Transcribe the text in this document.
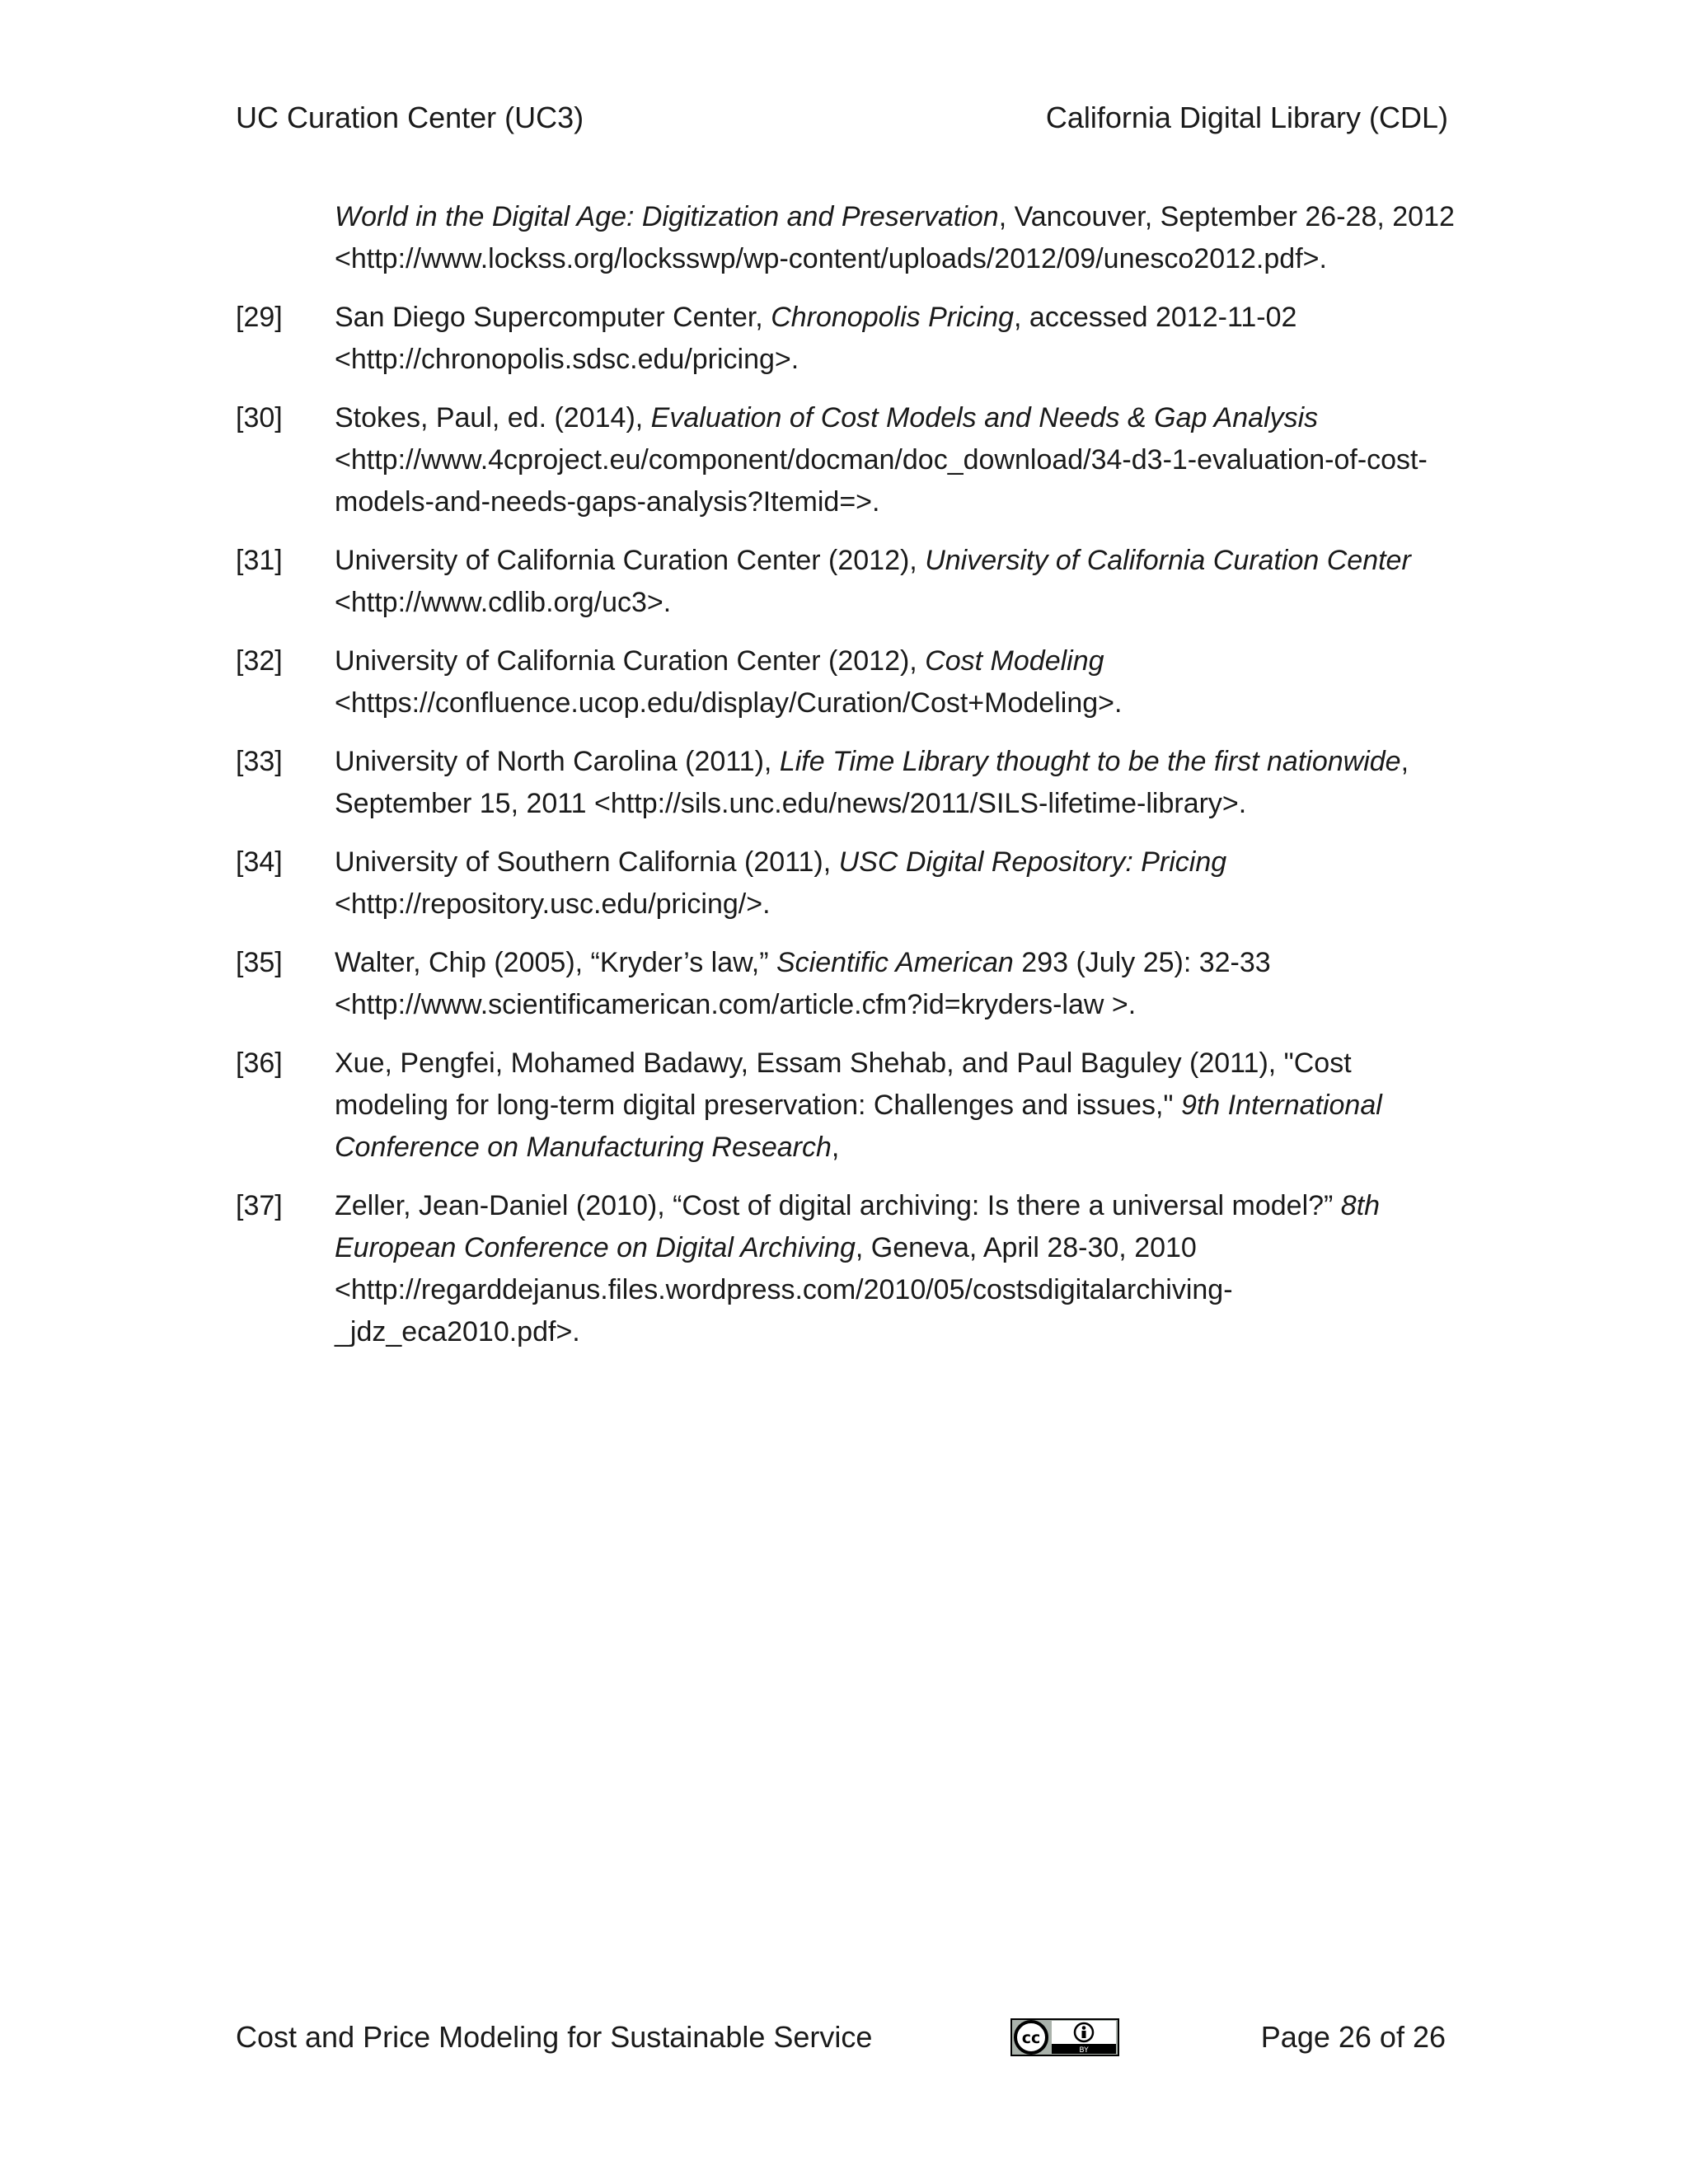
UC Curation Center (UC3)	California Digital Library (CDL)
World in the Digital Age: Digitization and Preservation, Vancouver, September 26-28, 2012 <http://www.lockss.org/locksswp/wp-content/uploads/2012/09/unesco2012.pdf>.
[29]	San Diego Supercomputer Center, Chronopolis Pricing, accessed 2012-11-02 <http://chronopolis.sdsc.edu/pricing>.
[30]	Stokes, Paul, ed. (2014), Evaluation of Cost Models and Needs & Gap Analysis <http://www.4cproject.eu/component/docman/doc_download/34-d3-1-evaluation-of-cost-models-and-needs-gaps-analysis?Itemid=>.
[31]	University of California Curation Center (2012), University of California Curation Center <http://www.cdlib.org/uc3>.
[32]	University of California Curation Center (2012), Cost Modeling <https://confluence.ucop.edu/display/Curation/Cost+Modeling>.
[33]	University of North Carolina (2011), Life Time Library thought to be the first nationwide, September 15, 2011 <http://sils.unc.edu/news/2011/SILS-lifetime-library>.
[34]	University of Southern California (2011), USC Digital Repository: Pricing <http://repository.usc.edu/pricing/>.
[35]	Walter, Chip (2005), “Kryder’s law,” Scientific American 293 (July 25): 32-33 <http://www.scientificamerican.com/article.cfm?id=kryders-law >.
[36]	Xue, Pengfei, Mohamed Badawy, Essam Shehab, and Paul Baguley (2011), "Cost modeling for long-term digital preservation: Challenges and issues," 9th International Conference on Manufacturing Research,
[37]	Zeller, Jean-Daniel (2010), “Cost of digital archiving: Is there a universal model?” 8th European Conference on Digital Archiving, Geneva, April 28-30, 2010 <http://regarddejanus.files.wordpress.com/2010/05/costsdigitalarchiving-_jdz_eca2010.pdf>.
Cost and Price Modeling for Sustainable Service	cc
BY	Page 26 of 26
